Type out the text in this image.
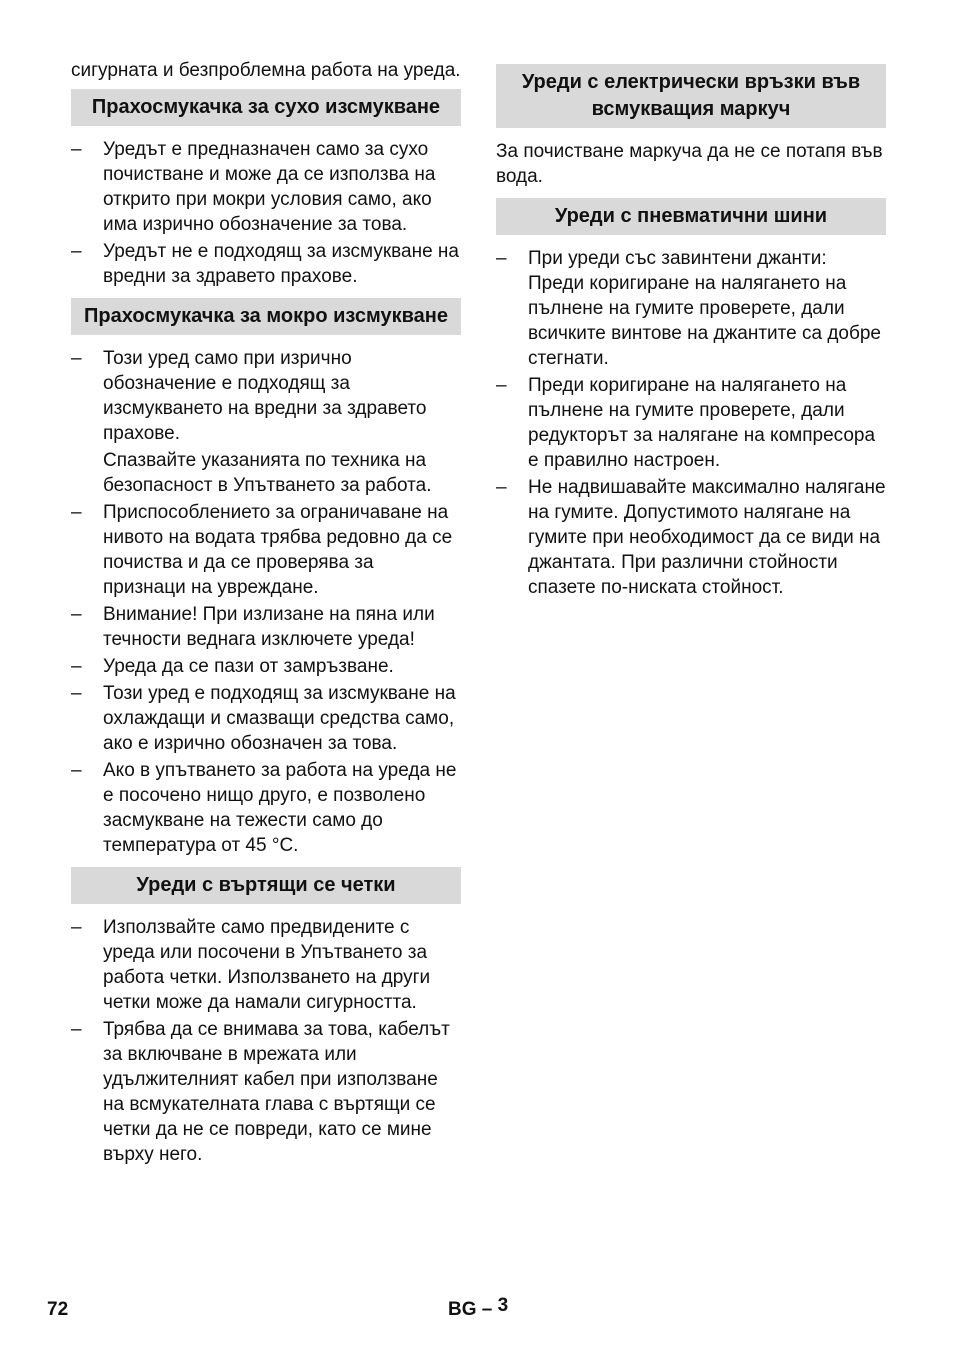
сигурната и безпроблемна работа на уреда.

Прахосмукачка за сухо изсмукване
–	Уредът е предназначен само за сухо почистване и може да се използва на открито при мокри условия само, ако има изрично обозначение за това.
–	Уредът не е подходящ за изсмукване на вредни за здравето прахове.
Прахосмукачка за мокро изсмукване
–	Този уред само при изрично обозначение е подходящ за изсмукването на вредни за здравето прахове.
Спазвайте указанията по техника на безопасност в Упътването за работа.
–	Приспособлението за ограничаване на нивото на водата трябва редовно да се почиства и да се проверява за признаци на увреждане.
–	Внимание! При излизане на пяна или течности веднага изключете уреда!
–	Уреда да се пази от замръзване.
–	Този уред е подходящ за изсмукване на охлаждащи и смазващи средства само, ако е изрично обозначен за това.
–	Ако в упътването за работа на уреда не е посочено нищо друго, е позволено засмукване на тежести само до температура от 45 °C.
Уреди с въртящи се четки
–	Използвайте само предвидените с уреда или посочени в Упътването за работа четки. Използването на други четки може да намали сигурността.
–	Трябва да се внимава за това, кабелът за включване в мрежата или удължителният кабел при използване на всмукателната глава с въртящи се четки да не се повреди, като се мине върху него.
Уреди с електрически връзки във всмукващия маркуч

За почистване маркуча да не се потапя във вода.

Уреди с пневматични шини
–	При уреди със завинтени джанти: Преди коригиране на налягането на пълнене на гумите проверете, дали всичките винтове на джантите са добре стегнати.
–	Преди коригиране на налягането на пълнене на гумите проверете, дали редукторът за налягане на компресора е правилно настроен.
–	Не надвишавайте максимално налягане на гумите. Допустимото налягане на гумите при необходимост да се види на джантата. При различни стойности спазете по-ниската стойност.
72	BG – 3
